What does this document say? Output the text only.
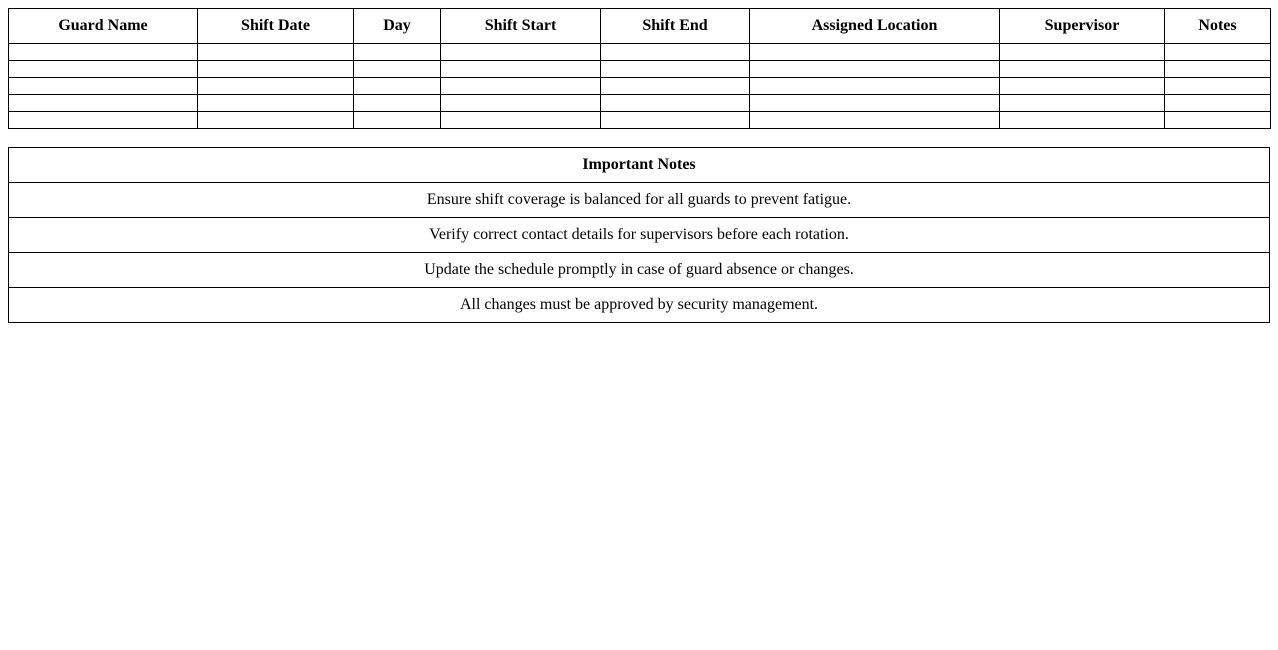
Guard Name	Shift Date	Day	Shift Start	Shift End	Assigned Location	Supervisor	Notes

Important Notes
Ensure shift coverage is balanced for all guards to prevent fatigue.
Verify correct contact details for supervisors before each rotation.
Update the schedule promptly in case of guard absence or changes.
All changes must be approved by security management.
